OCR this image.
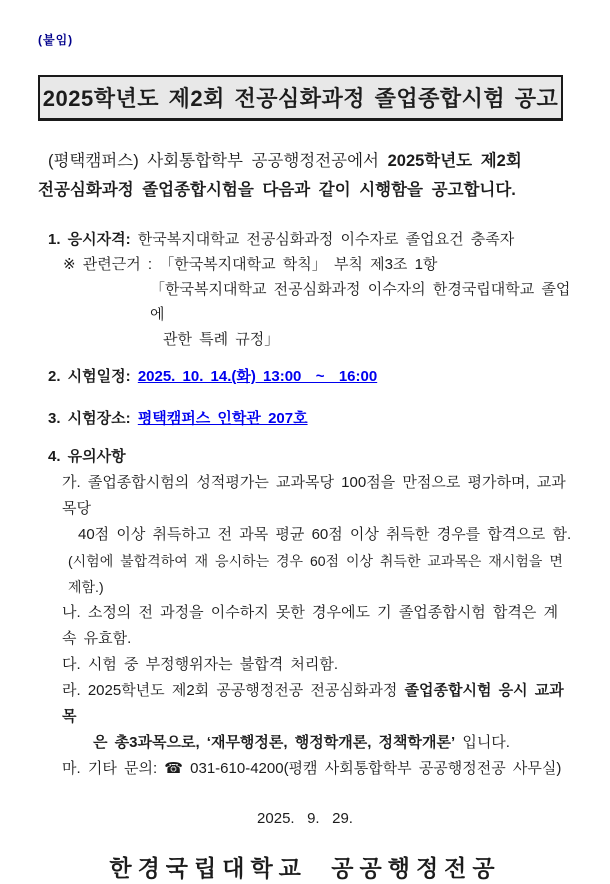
(붙임)
2025학년도 제2회 전공심화과정 졸업종합시험 공고
(평택캠퍼스) 사회통합학부 공공행정전공에서 2025학년도 제2회
전공심화과정 졸업종합시험을 다음과 같이 시행함을 공고합니다.
1. 응시자격: 한국복지대학교 전공심화과정 이수자로 졸업요건 충족자
※ 관련근거 : 「한국복지대학교 학칙」 부칙 제3조 1항
「한국복지대학교 전공심화과정 이수자의 한경국립대학교 졸업에
관한 특례 규정」
2. 시험일정: 2025. 10. 14.(화) 13:00  ~  16:00
3. 시험장소: 평택캠퍼스 인학관 207호
4. 유의사항
가. 졸업종합시험의 성적평가는 교과목당 100점을 만점으로 평가하며, 교과목당
40점 이상 취득하고 전 과목 평균 60점 이상 취득한 경우를 합격으로 함.
(시험에 불합격하여 재 응시하는 경우 60점 이상 취득한 교과목은 재시험을 면제함.)
나. 소정의 전 과정을 이수하지 못한 경우에도 기 졸업종합시험 합격은 계속 유효함.
다. 시험 중 부정행위자는 불합격 처리함.
라. 2025학년도 제2회 공공행정전공 전공심화과정 졸업종합시험 응시 교과목
은 총3과목으로, ‘재무행정론, 행정학개론, 정책학개론’ 입니다.
마. 기타 문의: ☎ 031-610-4200(평캠 사회통합학부 공공행정전공 사무실)
2025.   9.   29.
한경국립대학교 공공행정전공
